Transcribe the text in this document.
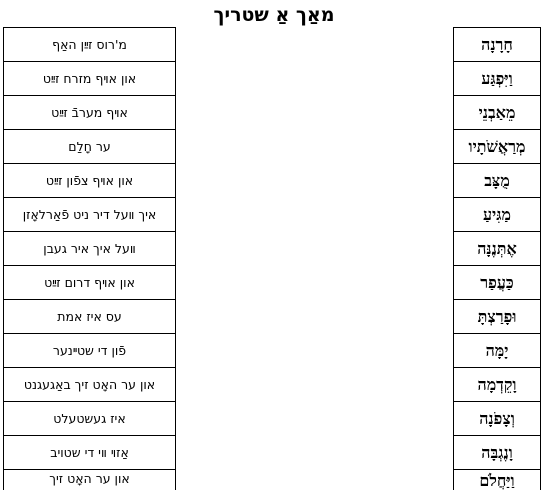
מאַך אַ שטריך
מ'רוס זײַן האַף
און אױף מזרח זײַט
אױף מערבֿ זײַט
ער חָלַם
און אױף צפֿון זײַט
איך װעל דיר ניט פֿאַרלאָזן
װעל איך איר געבן
און אױף דרום זײַט
עס איז אמת
פֿון די שטײנער
און ער האָט זיך באַגעגנט
איז געשטעלט
אַזױ װי די שטויב
און ער האָט זיך
חָרָנָה
וַיִּפְגַּע
מֵאַבְנֵי
מְרַאֲשֹׁתָיו
מֻצָּב
מַגִּיעַ
אֶתְּנֶנָּה
כַּעֲפַר
וּפָרַצְתָּ
יָמָּה
וָקֵדְמָה
וְצָפֹנָה
וָנֶגְבָּה
וַיַּחֲלֹם
